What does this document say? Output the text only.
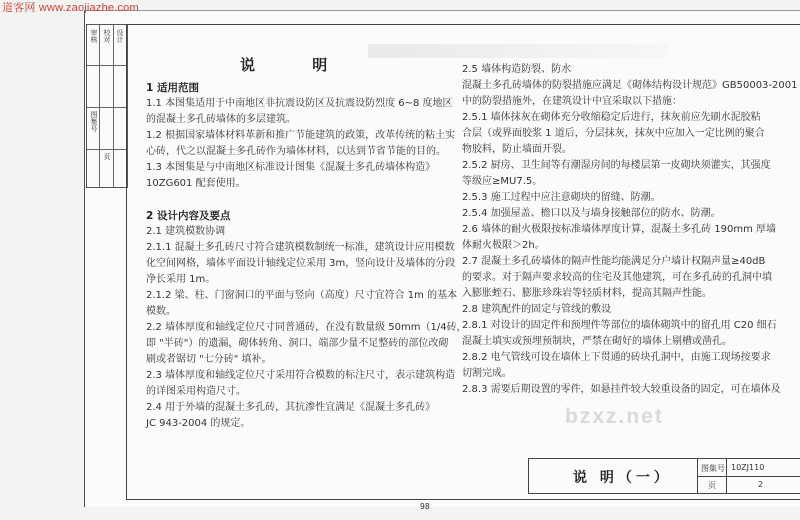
道客网 www.zaojiazhe.com
审核 校对 设计
图集号
页
说 明
1 适用范围
1.1 本图集适用于中南地区非抗震设防区及抗震设防烈度 6~8 度地区
的混凝土多孔砖墙体的多层建筑。
1.2 根据国家墙体材料革新和推广节能建筑的政策，改革传统的粘土实
心砖，代之以混凝土多孔砖作为墙体材料，以达到节省节能的目的。
1.3 本图集是与中南地区标准设计图集《混凝土多孔砖墙体构造》
10ZG601 配套使用。
2 设计内容及要点
2.1 建筑模数协调
2.1.1 混凝土多孔砖尺寸符合建筑模数制统一标准，建筑设计应用模数
化空间网格，墙体平面设计轴线定位采用 3m，竖向设计及墙体的分段
净长采用 1m。
2.1.2 梁、柱、门窗洞口的平面与竖向（高度）尺寸宜符合 1m 的基本
模数。
2.2 墙体厚度和轴线定位尺寸同普通砖，在没有数量级 50mm（1/4砖，
即 "半砖"）的遗漏，砌体转角、洞口、端部少量不足整砖的部位改砌
刷或者锯切 "七分砖" 填补。
2.3 墙体厚度和轴线定位尺寸采用符合模数的标注尺寸，表示建筑构造
的详图采用构造尺寸。
2.4 用于外墙的混凝土多孔砖，其抗渗性宜满足《混凝土多孔砖》
JC 943-2004 的规定。
2.5 墙体构造防裂、防水
混凝土多孔砖墙体的防裂措施应满足《砌体结构设计规范》GB50003-2001
中的防裂措施外，在建筑设计中宜采取以下措施：
2.5.1 墙体抹灰在砌体充分收缩稳定后进行，抹灰前应先刷水泥胶粘
合层（或界面胶浆 1 道后，分层抹灰，抹灰中应加入一定比例的聚合
物胶料，防止墙面开裂。
2.5.2 厨房、卫生间等有潮湿房间的每楼层第一皮砌块须灌实，其强度
等级应≥MU7.5。
2.5.3 施工过程中应注意砌块的留缝、防潮。
2.5.4 加强屋盖、檐口以及与墙身接触部位的防水、防潮。
2.6 墙体的耐火极限按标准墙体厚度计算，混凝土多孔砖 190mm 厚墙
体耐火极限＞2h。
2.7 混凝土多孔砖墙体的隔声性能均能满足分户墙计权隔声量≥40dB
的要求。对于隔声要求较高的住宅及其他建筑，可在多孔砖的孔洞中填
入膨胀蛭石、膨胀珍珠岩等轻质材料，提高其隔声性能。
2.8 建筑配件的固定与管线的敷设
2.8.1 对设计的固定件和预埋件等部位的墙体砌筑中的留孔用 C20 细石
混凝土填实或预埋预制块，严禁在砌好的墙体上剔槽或凿孔。
2.8.2 电气管线可设在墙体上下贯通的砖块孔洞中，由施工现场按要求
切割完成。
2.8.3 需要后期设置的零件，如悬挂件较大较重设备的固定，可在墙体及
bzxz.net
说 明（一）
图集号 10ZJ110
页	2
98
